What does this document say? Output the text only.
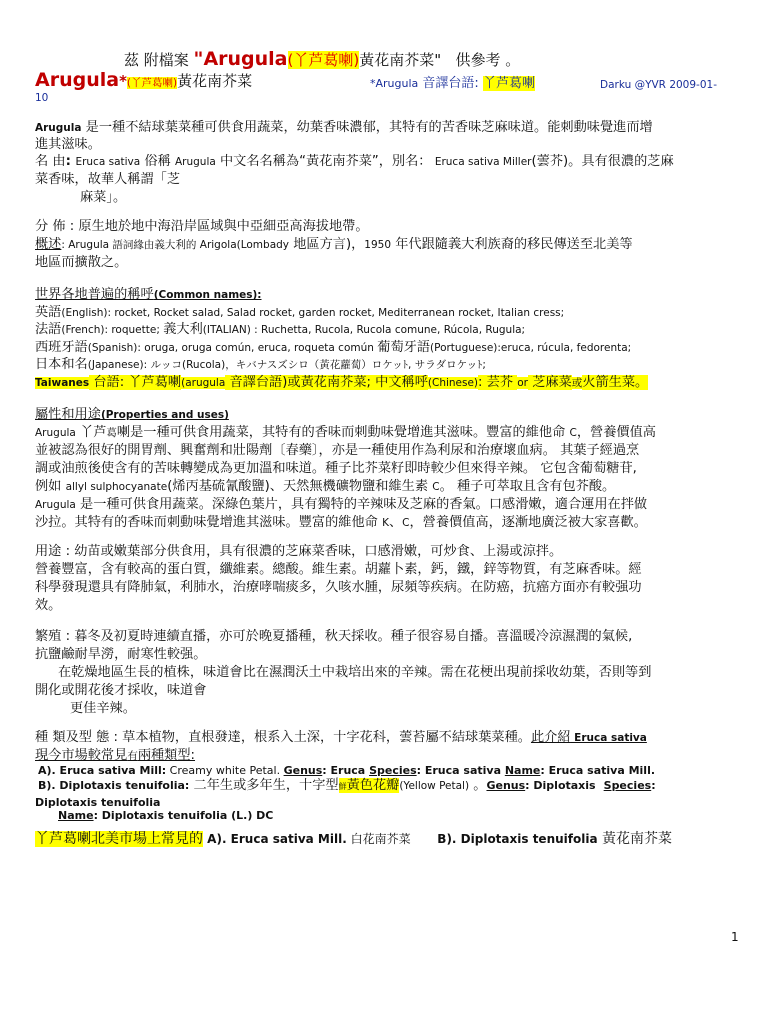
茲 附檔案 "Arugula(丫芦葛喇)黃花南芥菜" 供參考 。
Arugula*(丫芦葛喇)黃花南芥菜	*Arugula 音譯台語: 丫芦葛喇	Darku @YVR 2009-01-
10
Arugula 是一種不結球葉菜種可供食用蔬菜，幼葉香味濃郁，其特有的苦香味芝麻味道。能刺動味覺進而增
進其滋味。
名 由: Eruca sativa 俗稱 Arugula 中文名名稱為“黃花南芥菜”，別名： Eruca sativa Miller(蕓芥)。具有很濃的芝麻
菜香味，故華人稱謂「芝
麻菜」。
分 佈 : 原生地於地中海沿岸區域與中亞細亞高海拔地帶。
概述: Arugula 語詞緣由義大利的 Arigola(Lombady 地區方言)，1950 年代跟隨義大利族裔的移民傳送至北美等
地區而擴散之。
世界各地普遍的稱呼(Common names):
英語(English): rocket, Rocket salad, Salad rocket, garden rocket, Mediterranean rocket, Italian cress;
法語(French): roquette; 義大利(ITALIAN) : Ruchetta, Rucola, Rucola comune, Rúcola, Rugula;
西班牙語(Spanish): oruga, oruga común, eruca, roqueta común 葡萄牙語(Portuguese):eruca, rúcula, fedorenta;
日本和名(Japanese): ルッコ(Rucola)，キバナスズシロ（黃花蘿蔔）ロケッﾄ, サラダロケッﾄ;
Taiwanes 台語: 丫芦葛喇(arugula 音譯台語)或黃花南芥菜; 中文稱呼(Chinese): 芸芥 or 芝麻菜或火箭生菜。
屬性和用途(Properties and uses)
Arugula 丫芦葛喇是一種可供食用蔬菜，其特有的香味而刺動味覺增進其滋味。豐富的維他命 C，營養價值高
並被認為很好的開胃劑、興奮劑和壯陽劑〔春藥〕，亦是一種使用作為利尿和治療壞血病。 其葉子經過烹
調或油煎後使含有的苦味轉變成為更加溫和味道。種子比芥菜籽即時較少但來得辛辣。 它包含葡萄糖苷,
例如 allyl sulphocyanate(烯丙基硫氰酸鹽)、天然無機礦物鹽和維生素 C。 種子可萃取且含有包芥酸。
Arugula 是一種可供食用蔬菜。深綠色葉片，具有獨特的辛辣味及芝麻的香氣。口感滑嫩，適合運用在拌做
沙拉。其特有的香味而刺動味覺增進其滋味。豐富的維他命 K、C，營養價值高，逐漸地廣泛被大家喜歡。
用途 : 幼苗或嫩葉部分供食用，具有很濃的芝麻菜香味，口感滑嫩，可炒食、上湯或涼拌。
營養豐富，含有較高的蛋白質，纖維素。總酸。維生素。胡蘿卜素，鈣，鐵，鋅等物質，有芝麻香味。經
科學發現還具有降肺氣，利肺水，治療哮喘痰多，久咳水腫，尿頻等疾病。在防癌，抗癌方面亦有較强功
效。
繁殖 : 暮冬及初夏時連續直播，亦可於晚夏播種，秋天採收。種子很容易自播。喜溫暖冷涼濕潤的氣候,
抗鹽鹼耐旱澇，耐寒性較强。
在乾燥地區生長的植株，味道會比在濕潤沃土中栽培出來的辛辣。需在花梗出現前採收幼葉，否則等到
開化或開花後才採收，味道會
更佳辛辣。
種 類及型 態 : 草本植物，直根發達，根系入土深，十字花科，蕓苔屬不結球葉菜種。此介紹 Eruca sativa
現今市場較常見有兩種類型:
A). Eruca sativa Mill: Creamy white Petal. Genus: Eruca Species: Eruca sativa Name: Eruca sativa Mill.
B). Diplotaxis tenuifolia: 二年生或多年生，十字型鮮黃色花瓣(Yellow Petal) 。Genus: Diplotaxis  Species:
Diplotaxis tenuifolia
Name: Diplotaxis tenuifolia (L.) DC
丫芦葛喇北美市場上常見的 A). Eruca sativa Mill. 白花南芥菜 B). Diplotaxis tenuifolia 黃花南芥菜
1
